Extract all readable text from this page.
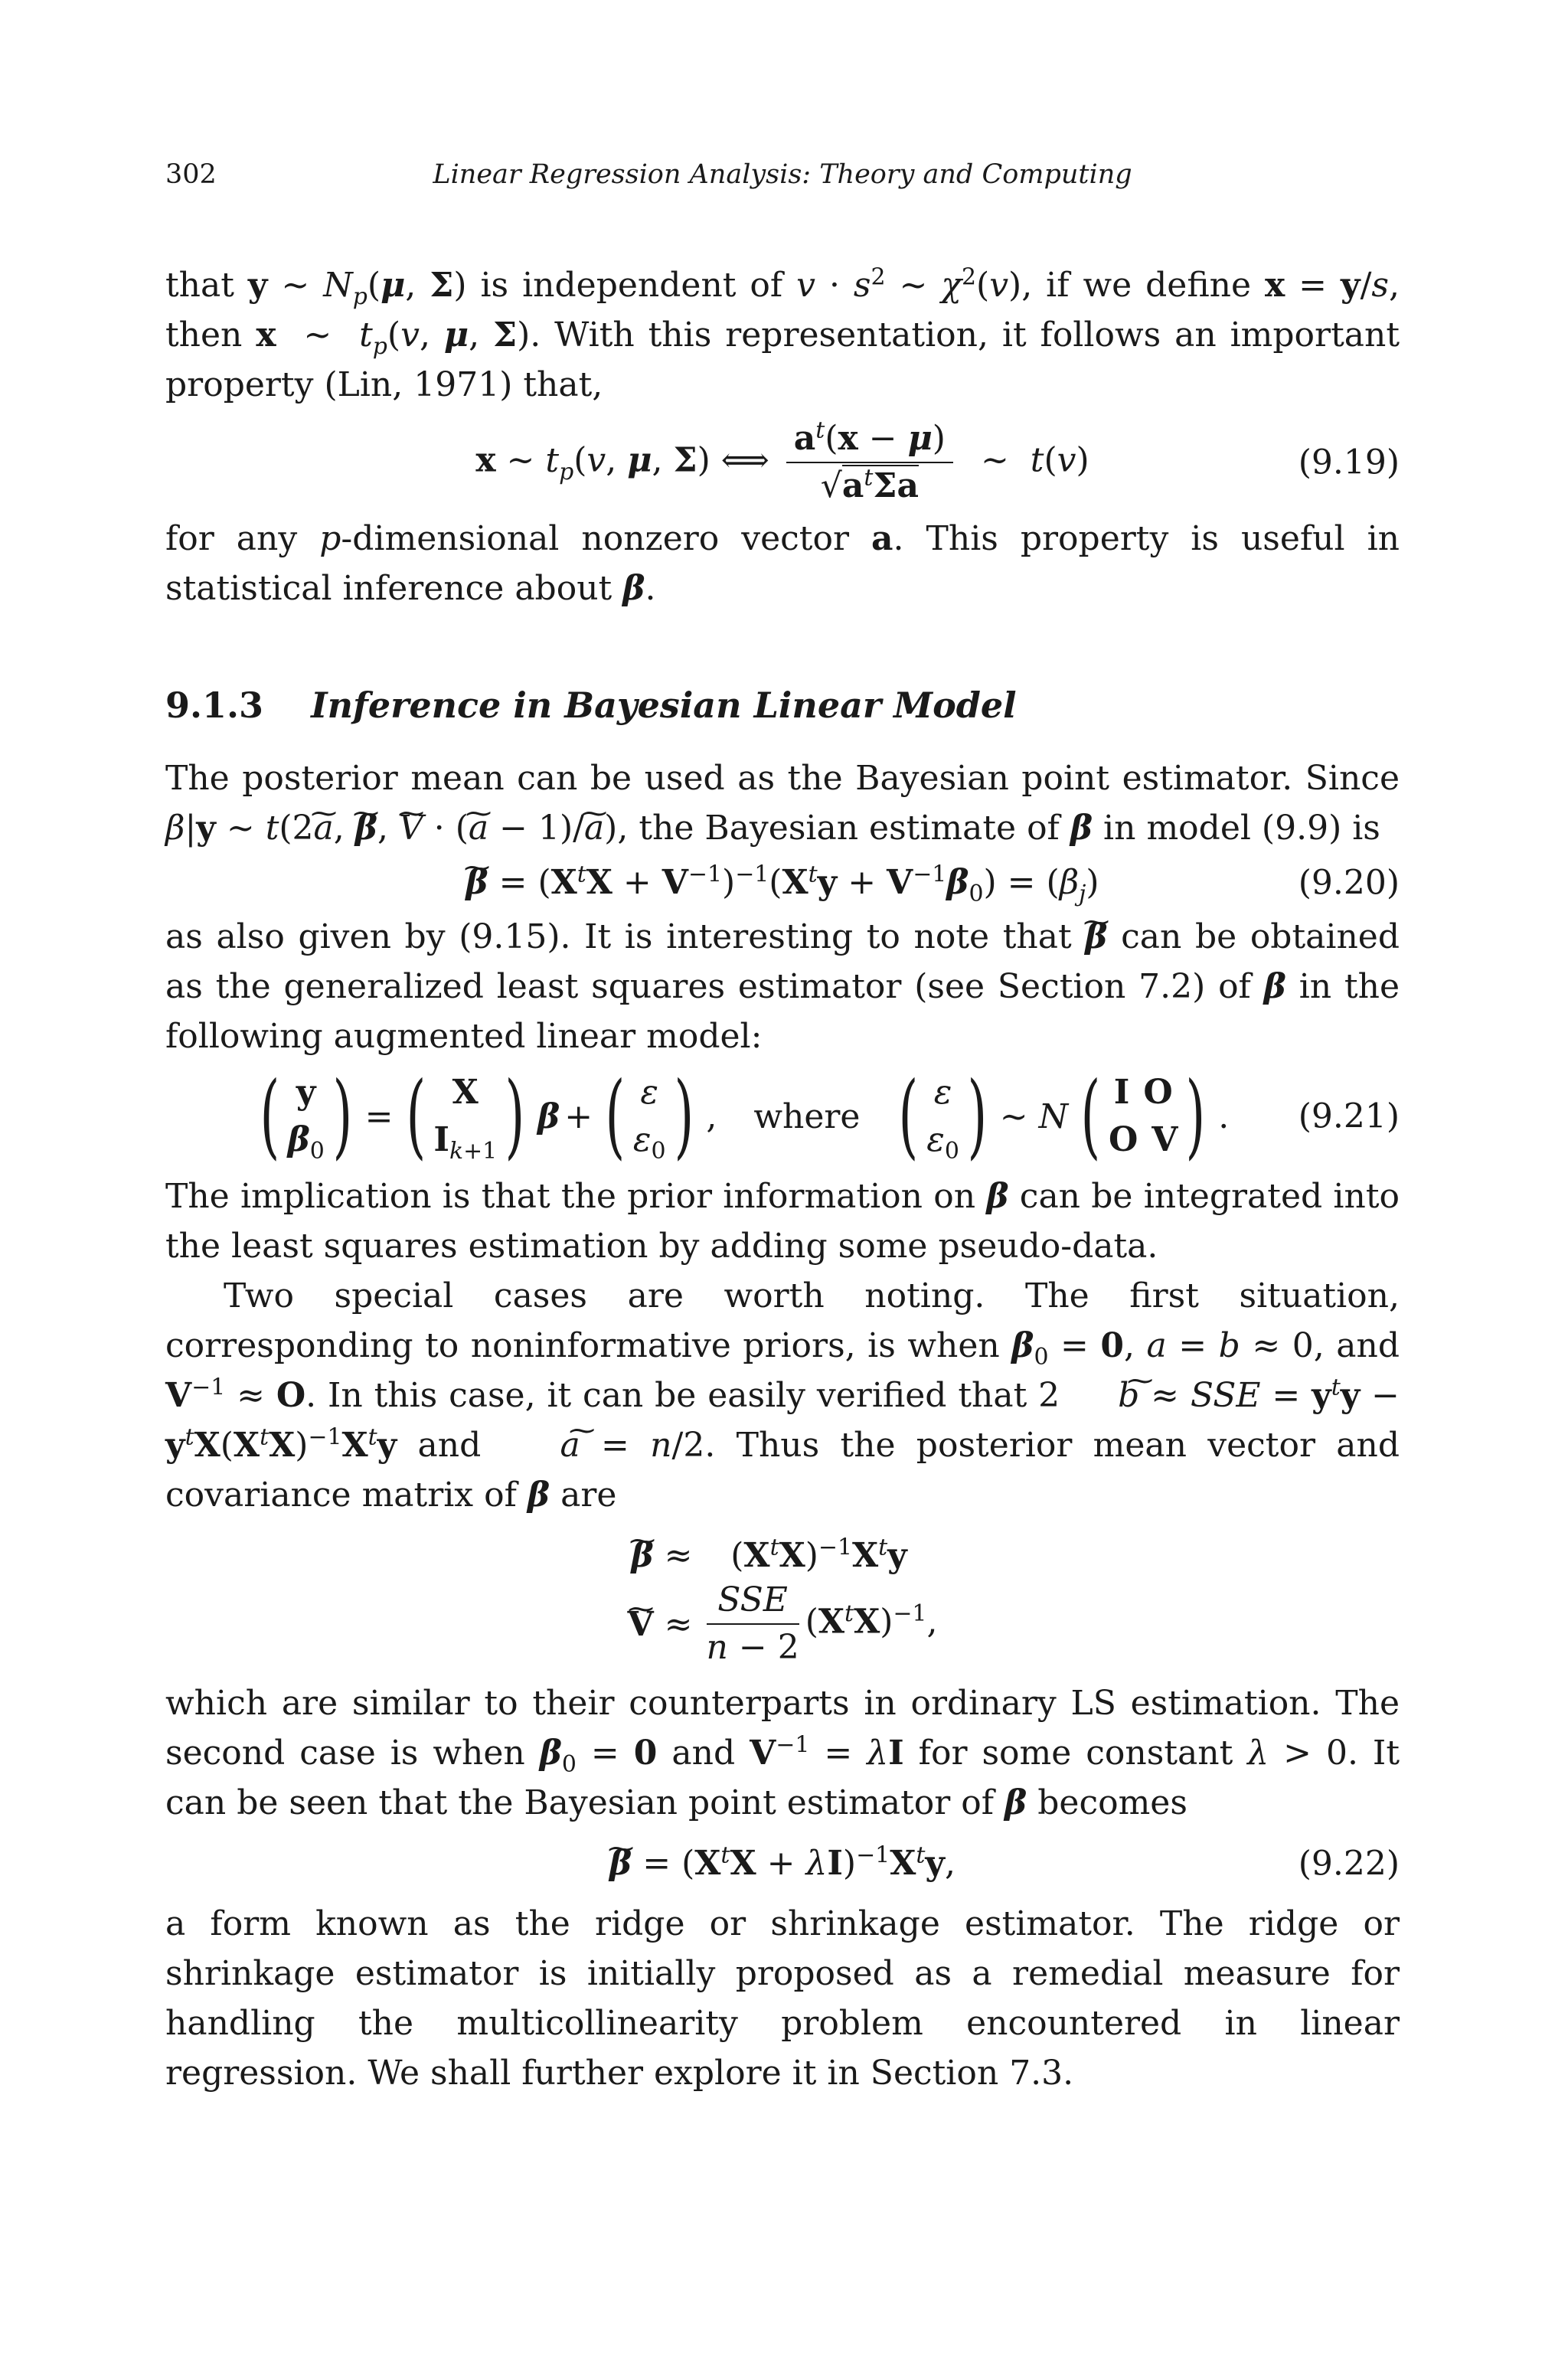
302	Linear Regression Analysis: Theory and Computing

that y ∼ $N_p(\mu$, Σ) is independent of $v \cdot s^2$ ∼ $\chi^2(v)$, if we define x = y/s, then x  ∼  $t_p(v$, μ, Σ). With this representation, it follows an important property (Lin, 1971) that,

x ∼ $t_p(v$, μ, Σ) ⟺ $\frac{a^t(x - \mu)}{√a^t\Sigma a}$ ∼  t(v)	(9.19)

for any p-dimensional nonzero vector a. This property is useful in statistical inference about β.

9.1.3 Inference in Bayesian Linear Model

The posterior mean can be used as the Bayesian point estimator. Since β|y ∼ t(2~ a, ~ β, ~ V · (~ a − 1)/~ a), the Bayesian estimate of β in model (9.9) is

~ $\beta = (X^tX + V^{-1})^{-1}(X^ty + V^{-1}\beta_0) = (\beta_j)$	(9.20)

as also given by (9.15). It is interesting to note that ~ β can be obtained as the generalized least squares estimator (see Section 7.2) of β in the following augmented linear model:

( y
$\beta_0$ ) = ( X
$I_{k+1}$ ) β + ( ε
$\varepsilon_0$ ) , where
( ε
$\varepsilon_0$ ) ∼ N ( I O
O V ) . (9.21)

The implication is that the prior information on β can be integrated into the least squares estimation by adding some pseudo-data.

Two special cases are worth noting. The first situation, corresponding to noninformative priors, is when $\beta_0 = 0$, a = b ≈ 0, and $V^{-1} \approx O$. In this case, it can be easily verified that 2~ b ≈ SSE = $y^ty - y^tX(X^tX)^{-1}X^ty$ and ~ a = n/2. Thus the posterior mean vector and covariance matrix of β are

~ β ≈	$(X^tX)^{-1}X^ty$
~ $V \approx \frac{\text{SSE}}{n - 2} (X^tX)^{-1}$,

which are similar to their counterparts in ordinary LS estimation. The second case is when $\beta_0 = 0$ and $V^{-1} = \lambda I$ for some constant λ > 0. It can be seen that the Bayesian point estimator of β becomes

~ $\beta = (X^tX + \lambda I)^{-1}X^ty$,	(9.22)

a form known as the ridge or shrinkage estimator. The ridge or shrinkage estimator is initially proposed as a remedial measure for handling the multicollinearity problem encountered in linear regression. We shall further explore it in Section 7.3.
